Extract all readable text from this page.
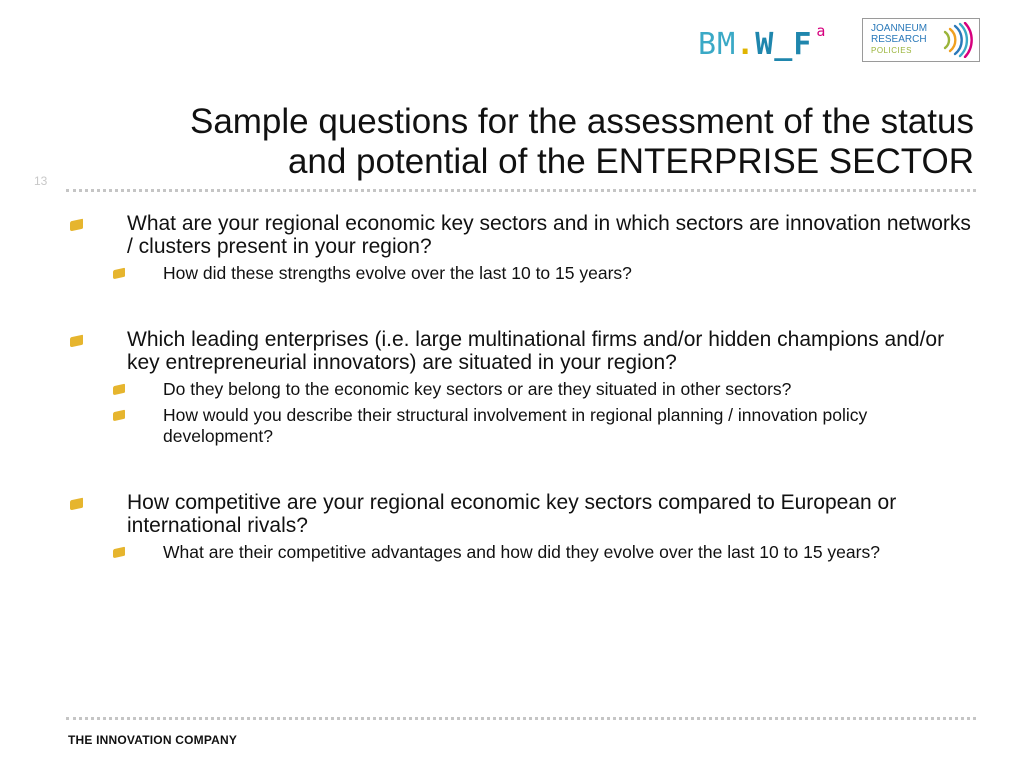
B M . W _ F a	JOANNEUM
RESEARCH
POLICIES
Sample questions for the assessment of the status
and potential of the ENTERPRISE SECTOR
13
What are your regional economic key sectors and in which sectors are innovation networks / clusters present in your region?
How did these strengths evolve over the last 10 to 15 years?
Which leading enterprises (i.e. large multinational firms and/or hidden champions and/or key entrepreneurial innovators) are situated in your region?
Do they belong to the economic key sectors or are they situated in other sectors?
How would you describe their structural involvement in regional planning / innovation policy development?
How competitive are your regional economic key sectors compared to European or international rivals?
What are their competitive advantages and how did they evolve over the last 10 to 15 years?
THE INNOVATION COMPANY
